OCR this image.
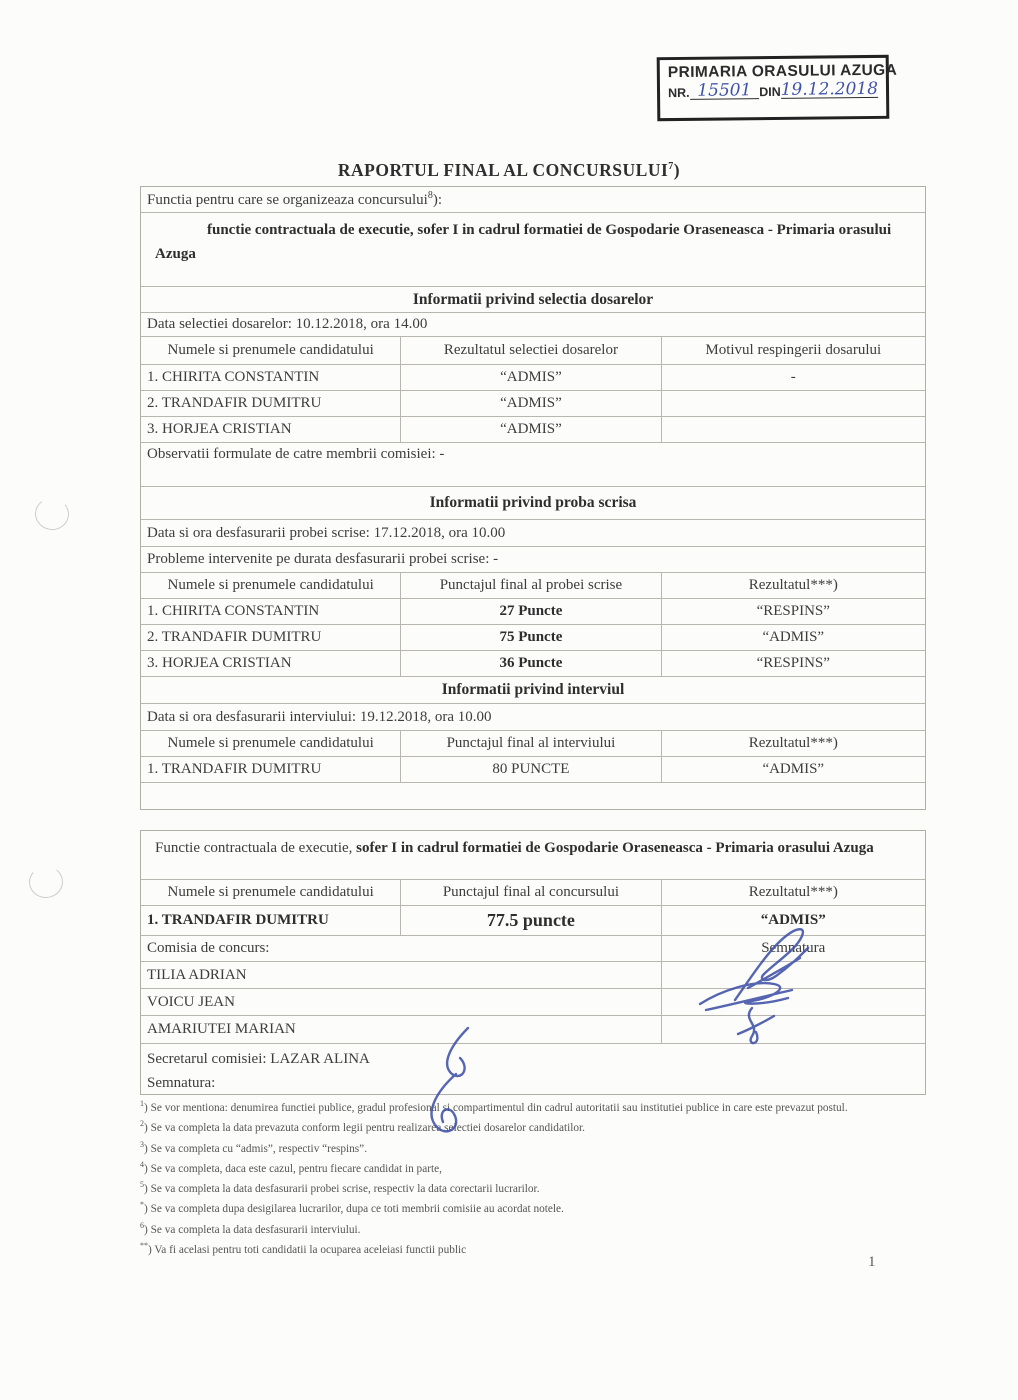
PRIMARIA ORASULUI AZUGA
NR. 15501 DIN 19.12.2018
RAPORTUL FINAL AL CONCURSULUI$^7$)
Functia pentru care se organizeaza concursului$^8$):
functie contractuala de executie, sofer I in cadrul formatiei de Gospodarie Oraseneasca - Primaria orasului Azuga
Informatii privind selectia dosarelor
Data selectiei dosarelor: 10.12.2018, ora 14.00
Numele si prenumele candidatului	Rezultatul selectiei dosarelor	Motivul respingerii dosarului
1. CHIRITA CONSTANTIN	“ADMIS”	-
2. TRANDAFIR DUMITRU	“ADMIS”
3. HORJEA CRISTIAN	“ADMIS”
Observatii formulate de catre membrii comisiei: -
Informatii privind proba scrisa
Data si ora desfasurarii probei scrise: 17.12.2018, ora 10.00
Probleme intervenite pe durata desfasurarii probei scrise: -
Numele si prenumele candidatului	Punctajul final al probei scrise	Rezultatul***)
1. CHIRITA CONSTANTIN	27 Puncte	“RESPINS”
2. TRANDAFIR DUMITRU	75 Puncte	“ADMIS”
3. HORJEA CRISTIAN	36 Puncte	“RESPINS”
Informatii privind interviul
Data si ora desfasurarii interviului: 19.12.2018, ora 10.00
Numele si prenumele candidatului	Punctajul final al interviului	Rezultatul***)
1. TRANDAFIR DUMITRU	80 PUNCTE	“ADMIS”
Functie contractuala de executie, sofer I in cadrul formatiei de Gospodarie Oraseneasca - Primaria orasului Azuga
Numele si prenumele candidatului	Punctajul final al concursului	Rezultatul***)
1. TRANDAFIR DUMITRU	77.5 puncte	“ADMIS”
Comisia de concurs:	Semnatura
TILIA ADRIAN
VOICU JEAN
AMARIUTEI MARIAN
Secretarul comisiei: LAZAR ALINA
Semnatura:
$^1$) Se vor mentiona: denumirea functiei publice, gradul profesional si compartimentul din cadrul autoritatii sau institutiei publice in care este prevazut postul.
$^2$) Se va completa la data prevazuta conform legii pentru realizarea selectiei dosarelor candidatilor.
$^3$) Se va completa cu “admis”, respectiv “respins”.
$^4$) Se va completa, daca este cazul, pentru fiecare candidat in parte,
$^5$) Se va completa la data desfasurarii probei scrise, respectiv la data corectarii lucrarilor.
*) Se va completa dupa desigilarea lucrarilor, dupa ce toti membrii comisiie au acordat notele.
$^6$) Se va completa la data desfasurarii interviului.
**) Va fi acelasi pentru toti candidatii la ocuparea aceleiasi functii public
1
